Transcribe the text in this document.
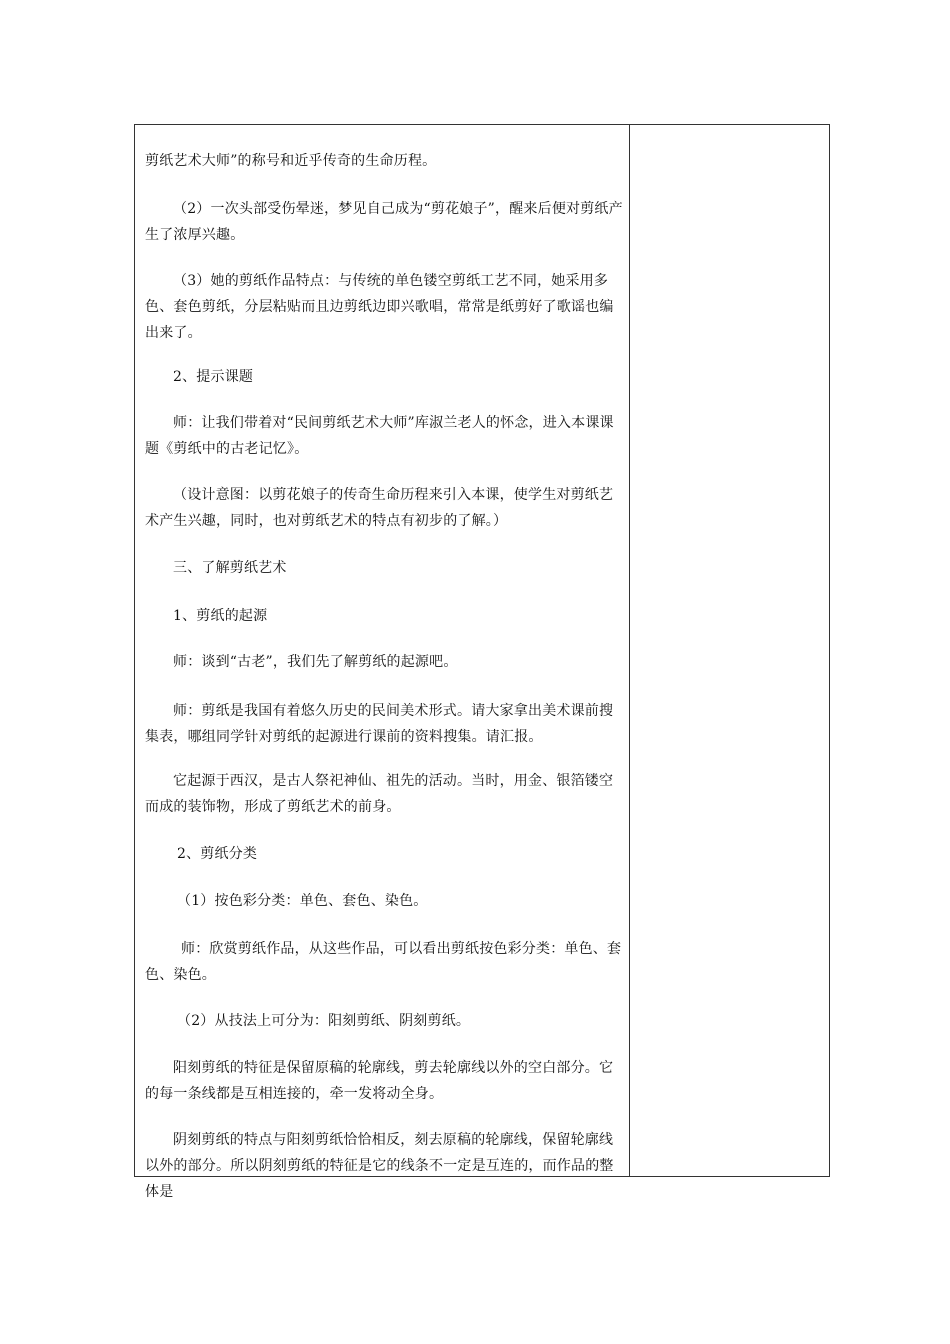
剪纸艺术大师”的称号和近乎传奇的生命历程。
（2）一次头部受伤晕迷，梦见自己成为“剪花娘子”，醒来后便对剪纸产生了浓厚兴趣。
（3）她的剪纸作品特点：与传统的单色镂空剪纸工艺不同，她采用多色、套色剪纸，分层粘贴而且边剪纸边即兴歌唱，常常是纸剪好了歌谣也编出来了。
2、提示课题
师：让我们带着对“民间剪纸艺术大师”库淑兰老人的怀念，进入本课课题《剪纸中的古老记忆》。
（设计意图：以剪花娘子的传奇生命历程来引入本课，使学生对剪纸艺术产生兴趣，同时，也对剪纸艺术的特点有初步的了解。）
三、了解剪纸艺术
1、剪纸的起源
师：谈到“古老”，我们先了解剪纸的起源吧。
师：剪纸是我国有着悠久历史的民间美术形式。请大家拿出美术课前搜集表，哪组同学针对剪纸的起源进行课前的资料搜集。请汇报。
它起源于西汉，是古人祭祀神仙、祖先的活动。当时，用金、银箔镂空而成的装饰物，形成了剪纸艺术的前身。
2、剪纸分类
（1）按色彩分类：单色、套色、染色。
师：欣赏剪纸作品，从这些作品，可以看出剪纸按色彩分类：单色、套色、染色。
（2）从技法上可分为：阳刻剪纸、阴刻剪纸。
阳刻剪纸的特征是保留原稿的轮廓线，剪去轮廓线以外的空白部分。它的每一条线都是互相连接的，牵一发将动全身。
阴刻剪纸的特点与阳刻剪纸恰恰相反，刻去原稿的轮廓线，保留轮廓线以外的部分。所以阴刻剪纸的特征是它的线条不一定是互连的，而作品的整体是
